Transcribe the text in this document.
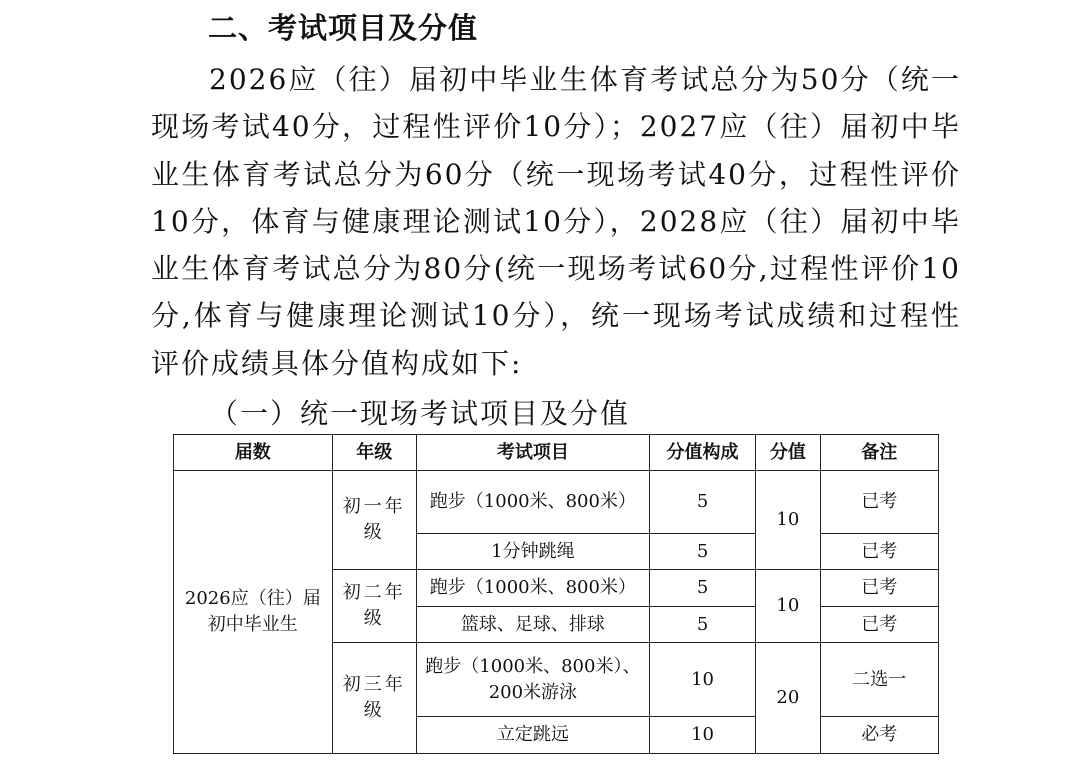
二、考试项目及分值

2026应（往）届初中毕业生体育考试总分为50分（统一现场考试40分，过程性评价10分）；2027应（往）届初中毕业生体育考试总分为60分（统一现场考试40分，过程性评价10分，体育与健康理论测试10分），2028应（往）届初中毕业生体育考试总分为80分(统一现场考试60分,过程性评价10分,体育与健康理论测试10分），统一现场考试成绩和过程性评价成绩具体分值构成如下:

（一）统一现场考试项目及分值
届数	年级	考试项目	分值构成	分值	备注
2026应（往）届初中毕业生	初一年级	跑步（1000米、800米）	5	10	已考
		1分钟跳绳	5		已考
	初二年级	跑步（1000米、800米）	5	10	已考
		篮球、足球、排球	5		已考
	初三年级	跑步（1000米、800米）、200米游泳	10	20	二选一
		立定跳远	10		必考
